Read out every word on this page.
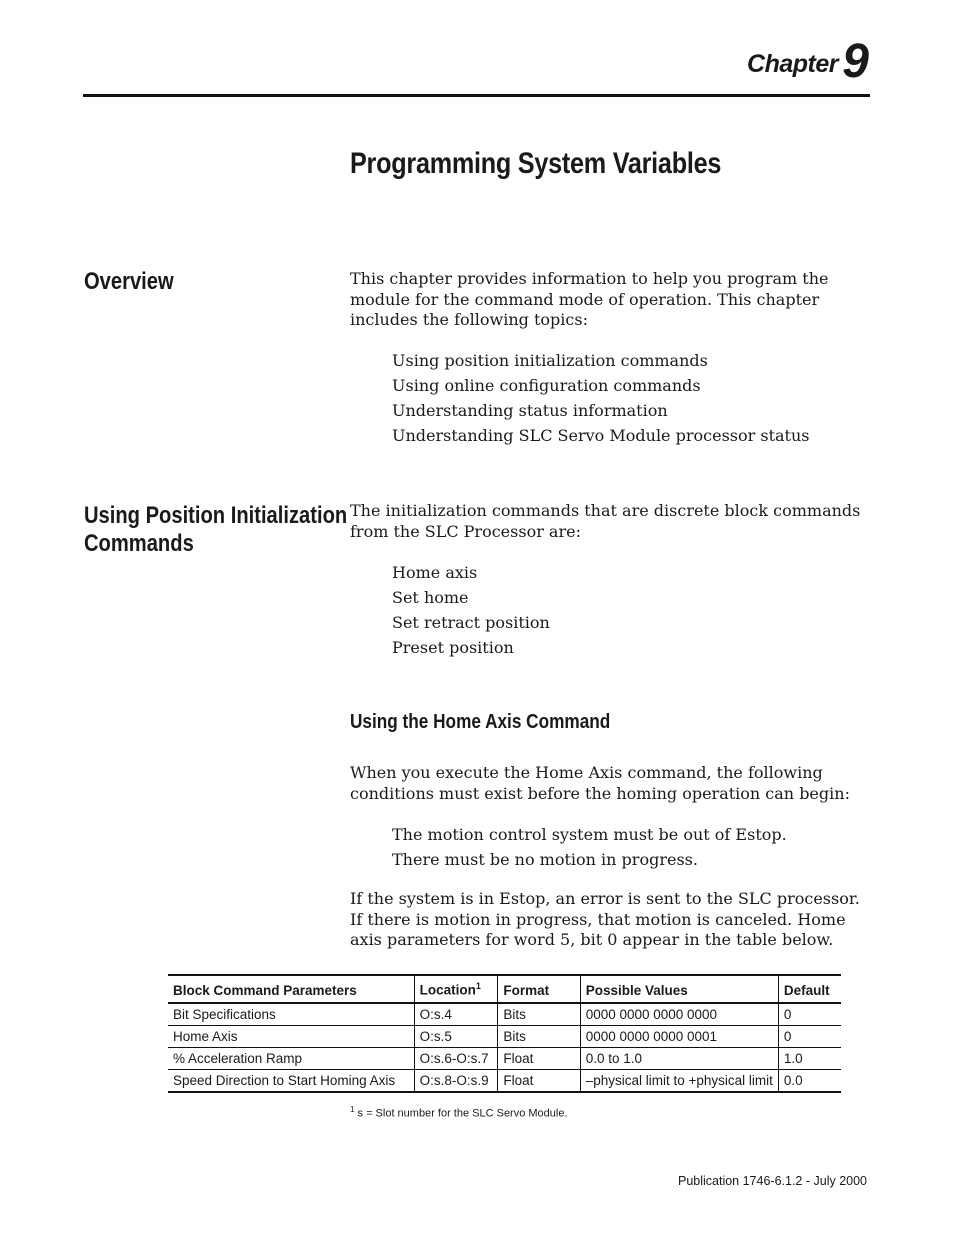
Chapter 9
Programming System Variables
Overview	This chapter provides information to help you program the module for the command mode of operation. This chapter includes the following topics:
Using position initialization commands
Using online configuration commands
Understanding status information
Understanding SLC Servo Module processor status
Using Position Initialization
Commands
The initialization commands that are discrete block commands from the SLC Processor are:
Home axis
Set home
Set retract position
Preset position
Using the Home Axis Command
When you execute the Home Axis command, the following conditions must exist before the homing operation can begin:
The motion control system must be out of Estop.
There must be no motion in progress.
If the system is in Estop, an error is sent to the SLC processor. If there is motion in progress, that motion is canceled. Home axis parameters for word 5, bit 0 appear in the table below.
Block Command Parameters	Location$^1$	Format	Possible Values	Default
Bit Specifications	O:s.4	Bits	0000 0000 0000 0000	0
Home Axis	O:s.5	Bits	0000 0000 0000 0001	0
% Acceleration Ramp	O:s.6-O:s.7	Float	0.0 to 1.0	1.0
Speed Direction to Start Homing Axis	O:s.8-O:s.9	Float	–physical limit to +physical limit	0.0
$^1$ s = Slot number for the SLC Servo Module.
Publication 1746-6.1.2 - July 2000
